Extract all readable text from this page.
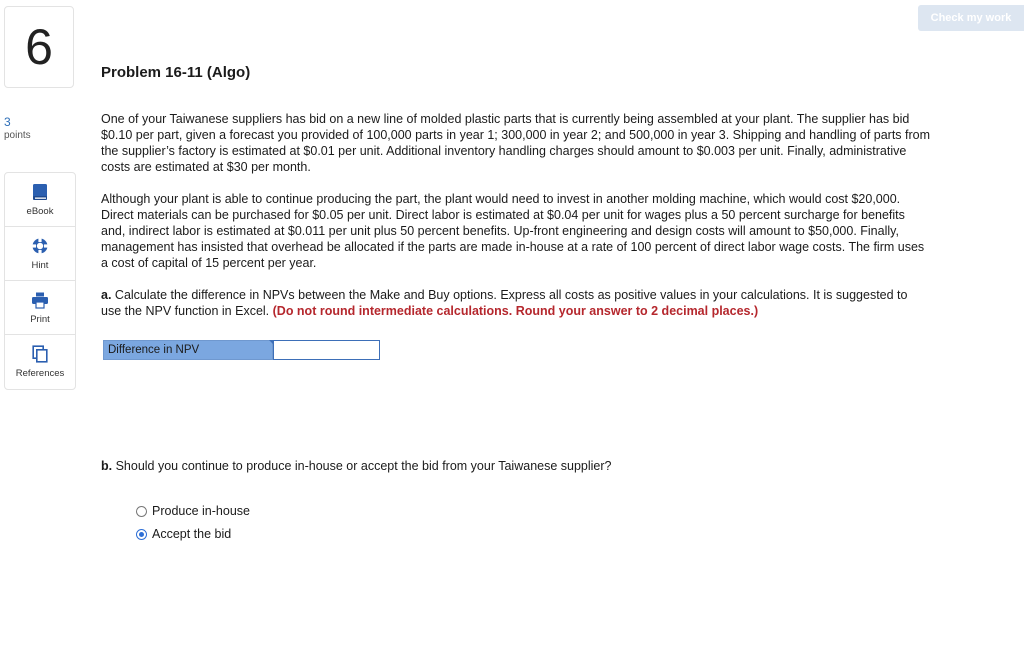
6
3
points
eBook
Hint
Print
References
Check my work
Problem 16-11 (Algo)

One of your Taiwanese suppliers has bid on a new line of molded plastic parts that is currently being assembled at your plant. The supplier has bid $0.10 per part, given a forecast you provided of 100,000 parts in year 1; 300,000 in year 2; and 500,000 in year 3. Shipping and handling of parts from the supplier’s factory is estimated at $0.01 per unit. Additional inventory handling charges should amount to $0.003 per unit. Finally, administrative costs are estimated at $30 per month.

Although your plant is able to continue producing the part, the plant would need to invest in another molding machine, which would cost $20,000. Direct materials can be purchased for $0.05 per unit. Direct labor is estimated at $0.04 per unit for wages plus a 50 percent surcharge for benefits and, indirect labor is estimated at $0.011 per unit plus 50 percent benefits. Up-front engineering and design costs will amount to $50,000. Finally, management has insisted that overhead be allocated if the parts are made in-house at a rate of 100 percent of direct labor wage costs. The firm uses a cost of capital of 15 percent per year.

a. Calculate the difference in NPVs between the Make and Buy options. Express all costs as positive values in your calculations. It is suggested to use the NPV function in Excel. (Do not round intermediate calculations. Round your answer to 2 decimal places.)

Difference in NPV

b. Should you continue to produce in-house or accept the bid from your Taiwanese supplier?

Produce in-house
Accept the bid
